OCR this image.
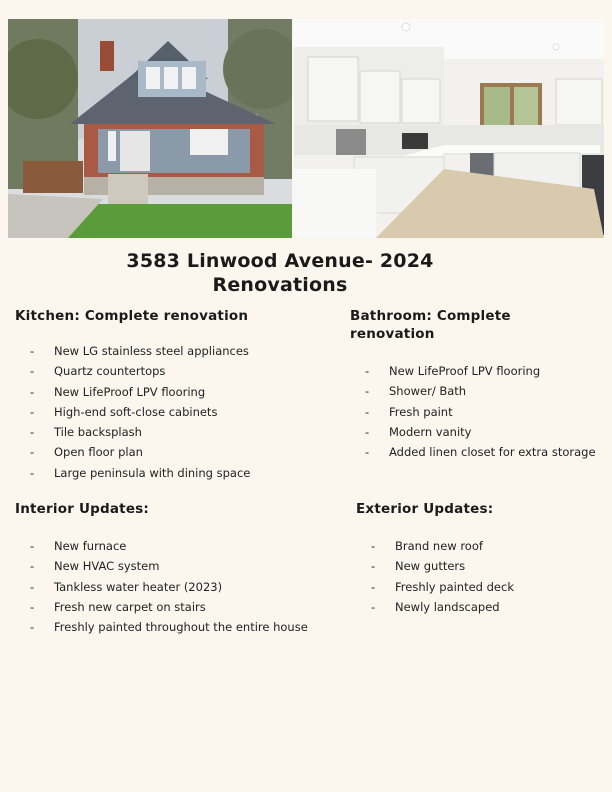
3583 Linwood Avenue- 2024
Renovations
Kitchen: Complete renovation
- New LG stainless steel appliances
- Quartz countertops
- New LifeProof LPV flooring
- High-end soft-close cabinets
- Tile backsplash
- Open floor plan
- Large peninsula with dining space
Bathroom: Complete renovation
- New LifeProof LPV flooring
- Shower/ Bath
- Fresh paint
- Modern vanity
- Added linen closet for extra storage
Interior Updates:
- New furnace
- New HVAC system
- Tankless water heater (2023)
- Fresh new carpet on stairs
- Freshly painted throughout the entire house
Exterior Updates:
- Brand new roof
- New gutters
- Freshly painted deck
- Newly landscaped
